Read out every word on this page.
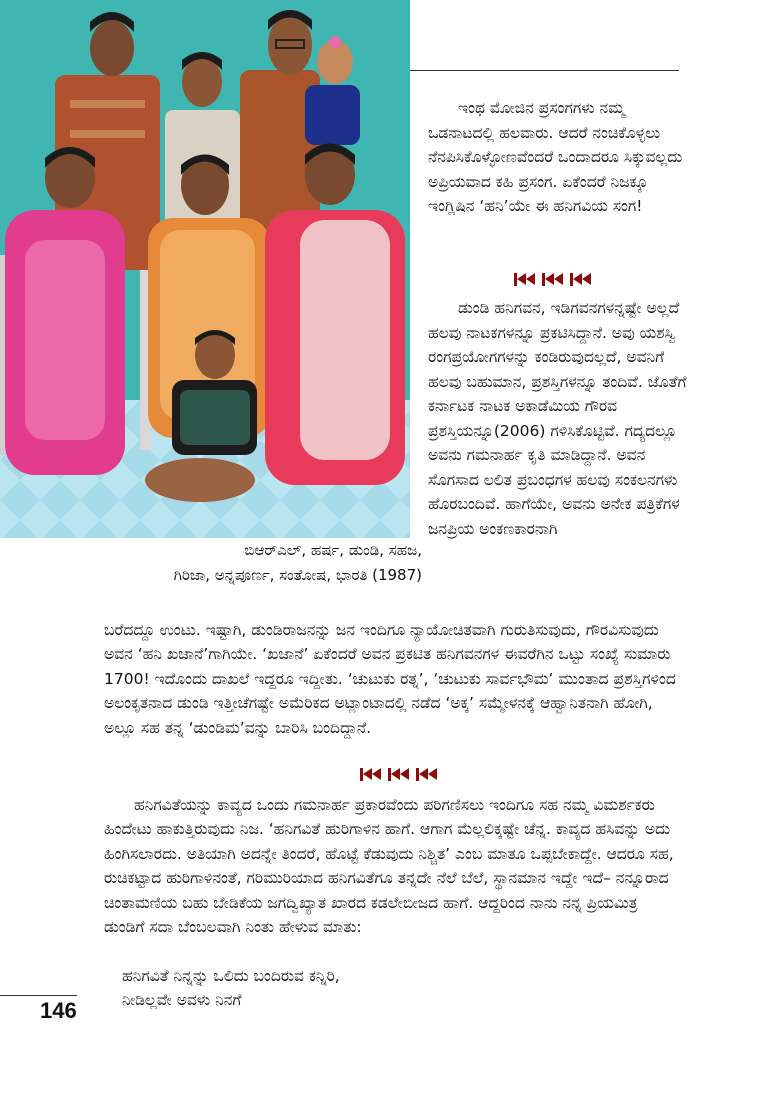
ಬಿಆರ್‌ಎಲ್, ಹರ್ಷ, ಡುಂಡಿ, ಸಹಜ,
ಗಿರಿಜಾ, ಅನ್ನಪೂರ್ಣ, ಸಂತೋಷ, ಭಾರತಿ (1987)
ಇಂಥ ಮೋಜಿನ ಪ್ರಸಂಗಗಳು ನಮ್ಮ ಒಡನಾಟದಲ್ಲಿ ಹಲವಾರು. ಆದರೆ ನಂಚಿಕೊಳ್ಳಲು ನೆನಪಿಸಿಕೊಳ್ಳೋಣವೆಂದರೆ ಒಂದಾದರೂ ಸಿಕ್ಕುವಲ್ಲದು ಅಪ್ರಿಯವಾದ ಕಹಿ ಪ್ರಸಂಗ. ಏಕೆಂದರೆ ನಿಜಕ್ಕೂ ಇಂಗ್ಲಿಷಿನ ‘ಹನಿ’ಯೇ ಈ ಹನಿಗವಿಯ ಸಂಗ!
ಡುಂಡಿ ಹನಿಗವನ, ಇಡಿಗವನಗಳನ್ನಷ್ಟೇ ಅಲ್ಲದೆ ಹಲವು ನಾಟಕಗಳನ್ನೂ ಪ್ರಕಟಿಸಿದ್ದಾನೆ. ಅವು ಯಶಸ್ವಿ ರಂಗಪ್ರಯೋಗಗಳನ್ನು ಕಂಡಿರುವುದಲ್ಲದೆ, ಅವನಿಗೆ ಹಲವು ಬಹುಮಾನ, ಪ್ರಶಸ್ತಿಗಳನ್ನೂ ತಂದಿವೆ. ಜೊತೆಗೆ ಕರ್ನಾಟಕ ನಾಟಕ ಅಕಾಡೆಮಿಯ ಗೌರವ ಪ್ರಶಸ್ತಿಯನ್ನೂ(2006) ಗಳಿಸಿಕೊಟ್ಟಿವೆ. ಗದ್ಯದಲ್ಲೂ ಅವನು ಗಮನಾರ್ಹ ಕೃತಿ ಮಾಡಿದ್ದಾನೆ. ಅವನ ಸೊಗಸಾದ ಲಲಿತ ಪ್ರಬಂಧಗಳ ಹಲವು ಸಂಕಲನಗಳು ಹೊರಬಂದಿವೆ. ಹಾಗೆಯೇ, ಅವನು ಅನೇಕ ಪತ್ರಿಕೆಗಳ ಜನಪ್ರಿಯ ಅಂಕಣಕಾರನಾಗಿ
ಬರೆದದ್ದೂ ಉಂಟು. ಇಷ್ಟಾಗಿ, ಡುಂಡಿರಾಜನನ್ನು ಜನ ಇಂದಿಗೂ ನ್ಯಾಯೋಚಿತವಾಗಿ ಗುರುತಿಸುವುದು, ಗೌರವಿಸುವುದು ಅವನ ‘ಹನಿ ಖಜಾನೆ’ಗಾಗಿಯೇ. ‘ಖಜಾನೆ’ ಏಕೆಂದರೆ ಅವನ ಪ್ರಕಟಿತ ಹನಿಗವನಗಳ ಈವರೆಗಿನ ಒಟ್ಟು ಸಂಖ್ಯೆ ಸುಮಾರು 1700! ಇದೊಂದು ದಾಖಲೆ ಇದ್ದರೂ ಇದ್ದೀತು. ‘ಚುಟುಕು ರತ್ನ’, ‘ಚುಟುಕು ಸಾರ್ವಭೌಮ’ ಮುಂತಾದ ಪ್ರಶಸ್ತಿಗಳಿಂದ ಅಲಂಕೃತನಾದ ಡುಂಡಿ ಇತ್ತೀಚೆಗಷ್ಟೇ ಅಮೆರಿಕದ ಅಟ್ಲಾಂಟಾದಲ್ಲಿ ನಡೆದ ‘ಅಕ್ಕ’ ಸಮ್ಮೇಳನಕ್ಕೆ ಆಹ್ವಾನಿತನಾಗಿ ಹೋಗಿ, ಅಲ್ಲೂ ಸಹ ತನ್ನ ‘ಡುಂಡಿಮ’ವನ್ನು ಬಾರಿಸಿ ಬಂದಿದ್ದಾನೆ.
ಹನಿಗವಿತೆಯನ್ನು ಕಾವ್ಯದ ಒಂದು ಗಮನಾರ್ಹ ಪ್ರಕಾರವೆಂದು ಪರಿಗಣಿಸಲು ಇಂದಿಗೂ ಸಹ ನಮ್ಮ ವಿಮರ್ಶಕರು ಹಿಂದೇಟು ಹಾಕುತ್ತಿರುವುದು ನಿಜ. ‘ಹನಿಗವಿತೆ ಹುರಿಗಾಳಿನ ಹಾಗೆ. ಆಗಾಗ ಮೆಲ್ಲಲಿಕ್ಕಷ್ಟೇ ಚೆನ್ನ. ಕಾವ್ಯದ ಹಸಿವನ್ನು ಅದು ಹಿಂಗಿಸಲಾರದು. ಅತಿಯಾಗಿ ಅದನ್ನೇ ತಿಂದರೆ, ಹೊಟ್ಟೆ ಕೆಡುವುದು ನಿಶ್ಚಿತ’ ಎಂಬ ಮಾತೂ ಒಪ್ಪಬೇಕಾದ್ದೇ. ಆದರೂ ಸಹ, ರುಚಿಕಟ್ಟಾದ ಹುರಿಗಾಳಿನಂತೆ, ಗರಿಮುರಿಯಾದ ಹನಿಗವಿತೆಗೂ ತನ್ನದೇ ನೆಲೆ ಬೆಲೆ, ಸ್ಥಾನಮಾನ ಇದ್ದೇ ಇದೆ– ನನ್ನೂರಾದ ಚಿಂತಾಮಣಿಯ ಬಹು ಬೇಡಿಕೆಯ ಜಗದ್ವಿಖ್ಯಾತ ಖಾರದ ಕಡಲೇಬೀಜದ ಹಾಗೆ. ಆದ್ದರಿಂದ ನಾನು ನನ್ನ ಪ್ರಿಯಮಿತ್ರ ಡುಂಡಿಗೆ ಸದಾ ಬೆಂಬಲವಾಗಿ ನಿಂತು ಹೇಳುವ ಮಾತು:
ಹನಿಗವಿತೆ ನಿನ್ನನ್ನು ಒಲಿದು ಬಂದಿರುವ ಕನ್ನಿರಿ,
ನೀಡಿಲ್ಲವೇ ಅವಳು ನಿನಗೆ
146
